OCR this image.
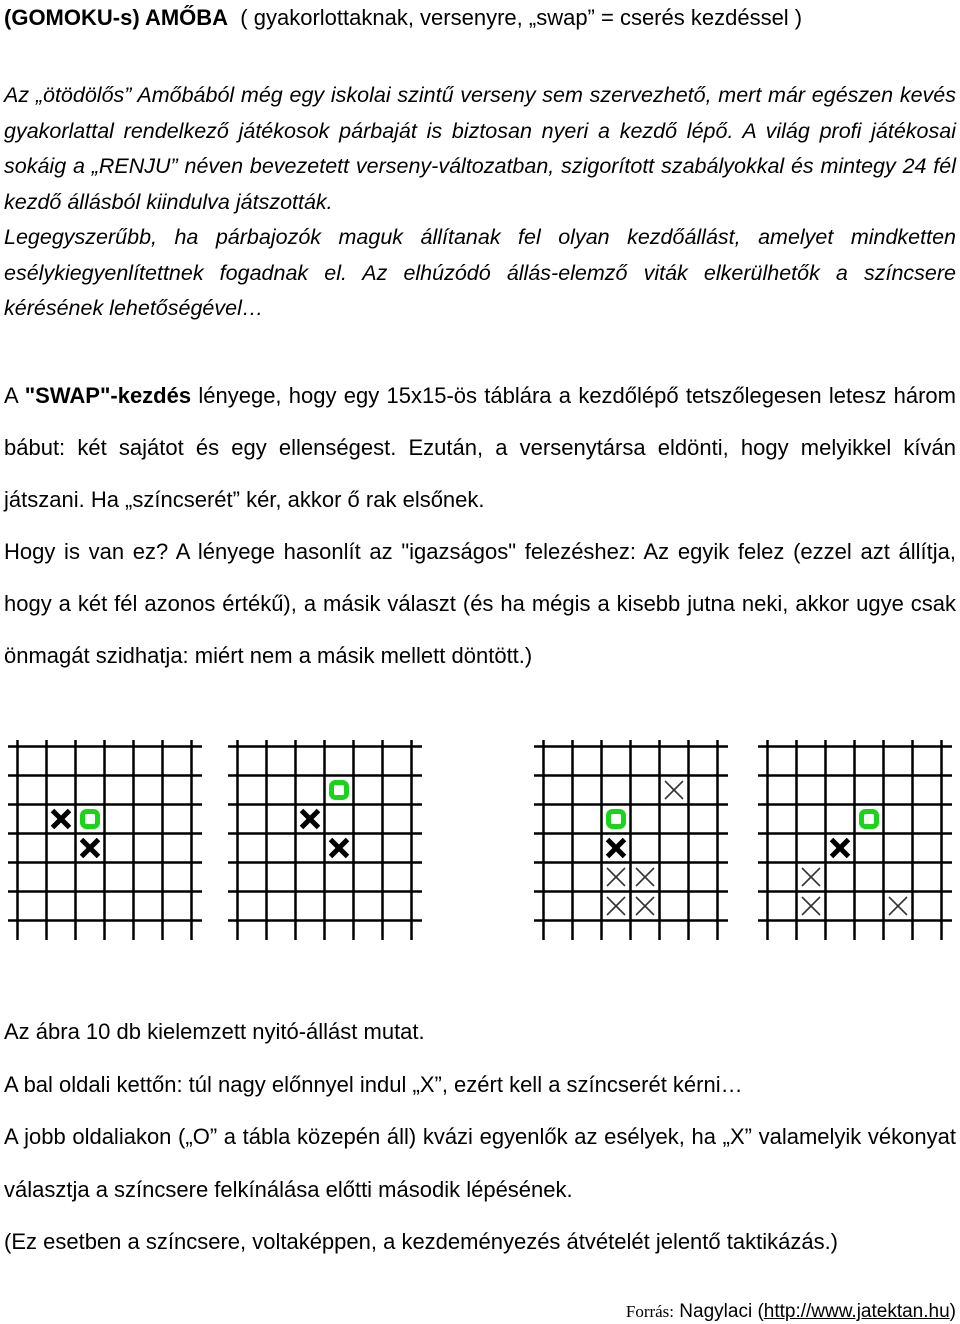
(GOMOKU-s) AMŐBA ( gyakorlottaknak, versenyre, „swap” = cserés kezdéssel )

Az „ötödölős” Amőbából még egy iskolai szintű verseny sem szervezhető, mert már egészen kevés gyakorlattal rendelkező játékosok párbaját is biztosan nyeri a kezdő lépő. A világ profi játékosai sokáig a „RENJU” néven bevezetett verseny-változatban, szigorított szabályokkal és mintegy 24 fél kezdő állásból kiindulva játszották.

Legegyszerűbb, ha párbajozók maguk állítanak fel olyan kezdőállást, amelyet mindketten esélykiegyenlítettnek fogadnak el. Az elhúzódó állás-elemző viták elkerülhetők a színcsere kérésének lehetőségével…

A "SWAP"-kezdés lényege, hogy egy 15x15-ös táblára a kezdőlépő tetszőlegesen letesz három bábut: két sajátot és egy ellenségest. Ezután, a versenytársa eldönti, hogy melyikkel kíván játszani. Ha „színcserét” kér, akkor ő rak elsőnek.

Hogy is van ez? A lényege hasonlít az "igazságos" felezéshez: Az egyik felez (ezzel azt állítja, hogy a két fél azonos értékű), a másik választ (és ha mégis a kisebb jutna neki, akkor ugye csak önmagát szidhatja: miért nem a másik mellett döntött.)

Az ábra 10 db kielemzett nyitó-állást mutat.

A bal oldali kettőn: túl nagy előnnyel indul „X”, ezért kell a színcserét kérni…

A jobb oldaliakon („O” a tábla közepén áll) kvázi egyenlők az esélyek, ha „X” valamelyik vékonyat választja a színcsere felkínálása előtti második lépésének.

(Ez esetben a színcsere, voltaképpen, a kezdeményezés átvételét jelentő taktikázás.)

Forrás: Nagylaci (http://www.jatektan.hu)
